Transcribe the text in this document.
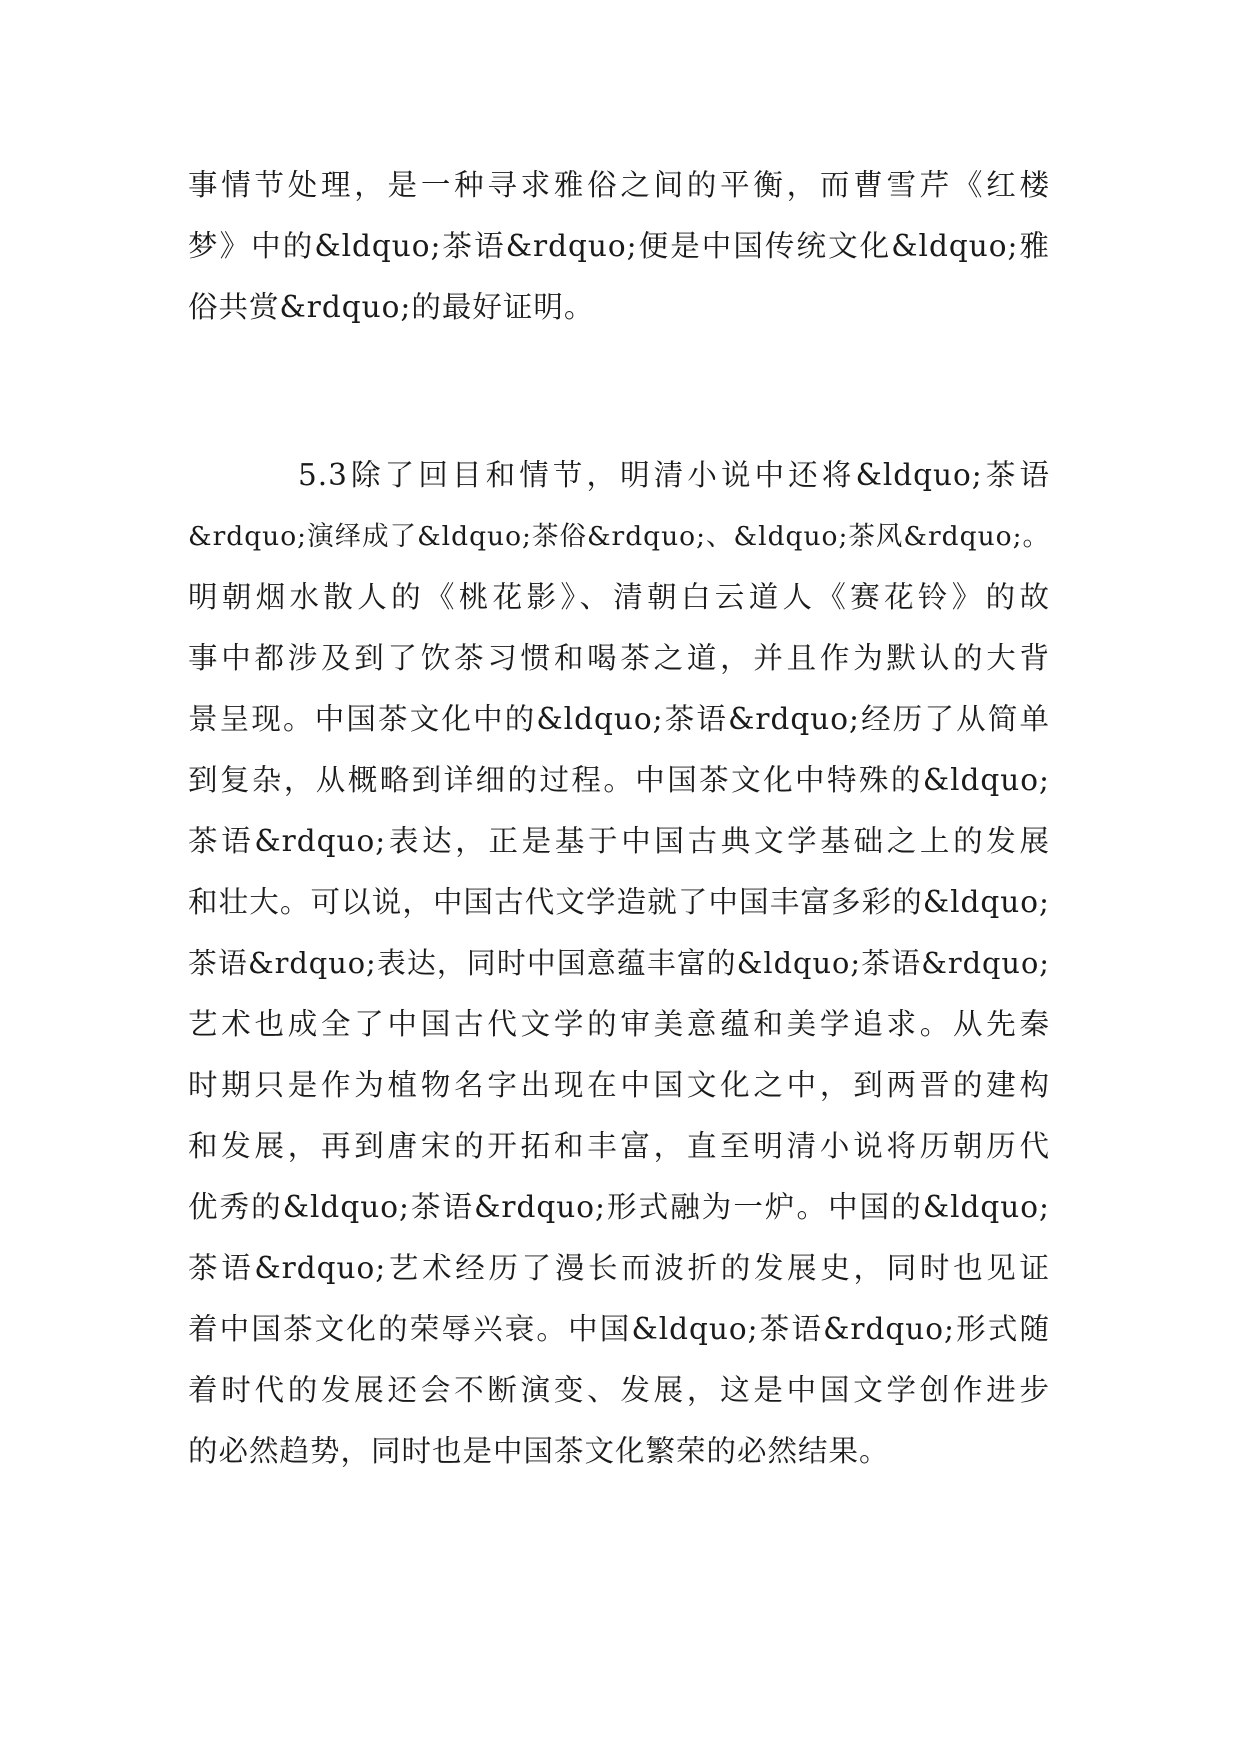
事情节处理，是一种寻求雅俗之间的平衡，而曹雪芹《红楼
梦》中的&ldquo;茶语&rdquo;便是中国传统文化&ldquo;雅
俗共赏&rdquo;的最好证明。
5.3除了回目和情节，明清小说中还将&ldquo;茶语
&rdquo;演绎成了&ldquo;茶俗&rdquo;、&ldquo;茶风&rdquo;。
明朝烟水散人的《桃花影》、清朝白云道人《赛花铃》的故
事中都涉及到了饮茶习惯和喝茶之道，并且作为默认的大背
景呈现。中国茶文化中的&ldquo;茶语&rdquo;经历了从简单
到复杂，从概略到详细的过程。中国茶文化中特殊的&ldquo;
茶语&rdquo;表达，正是基于中国古典文学基础之上的发展
和壮大。可以说，中国古代文学造就了中国丰富多彩的&ldquo;
茶语&rdquo;表达，同时中国意蕴丰富的&ldquo;茶语&rdquo;
艺术也成全了中国古代文学的审美意蕴和美学追求。从先秦
时期只是作为植物名字出现在中国文化之中，到两晋的建构
和发展，再到唐宋的开拓和丰富，直至明清小说将历朝历代
优秀的&ldquo;茶语&rdquo;形式融为一炉。中国的&ldquo;
茶语&rdquo;艺术经历了漫长而波折的发展史，同时也见证
着中国茶文化的荣辱兴衰。中国&ldquo;茶语&rdquo;形式随
着时代的发展还会不断演变、发展，这是中国文学创作进步
的必然趋势，同时也是中国茶文化繁荣的必然结果。
